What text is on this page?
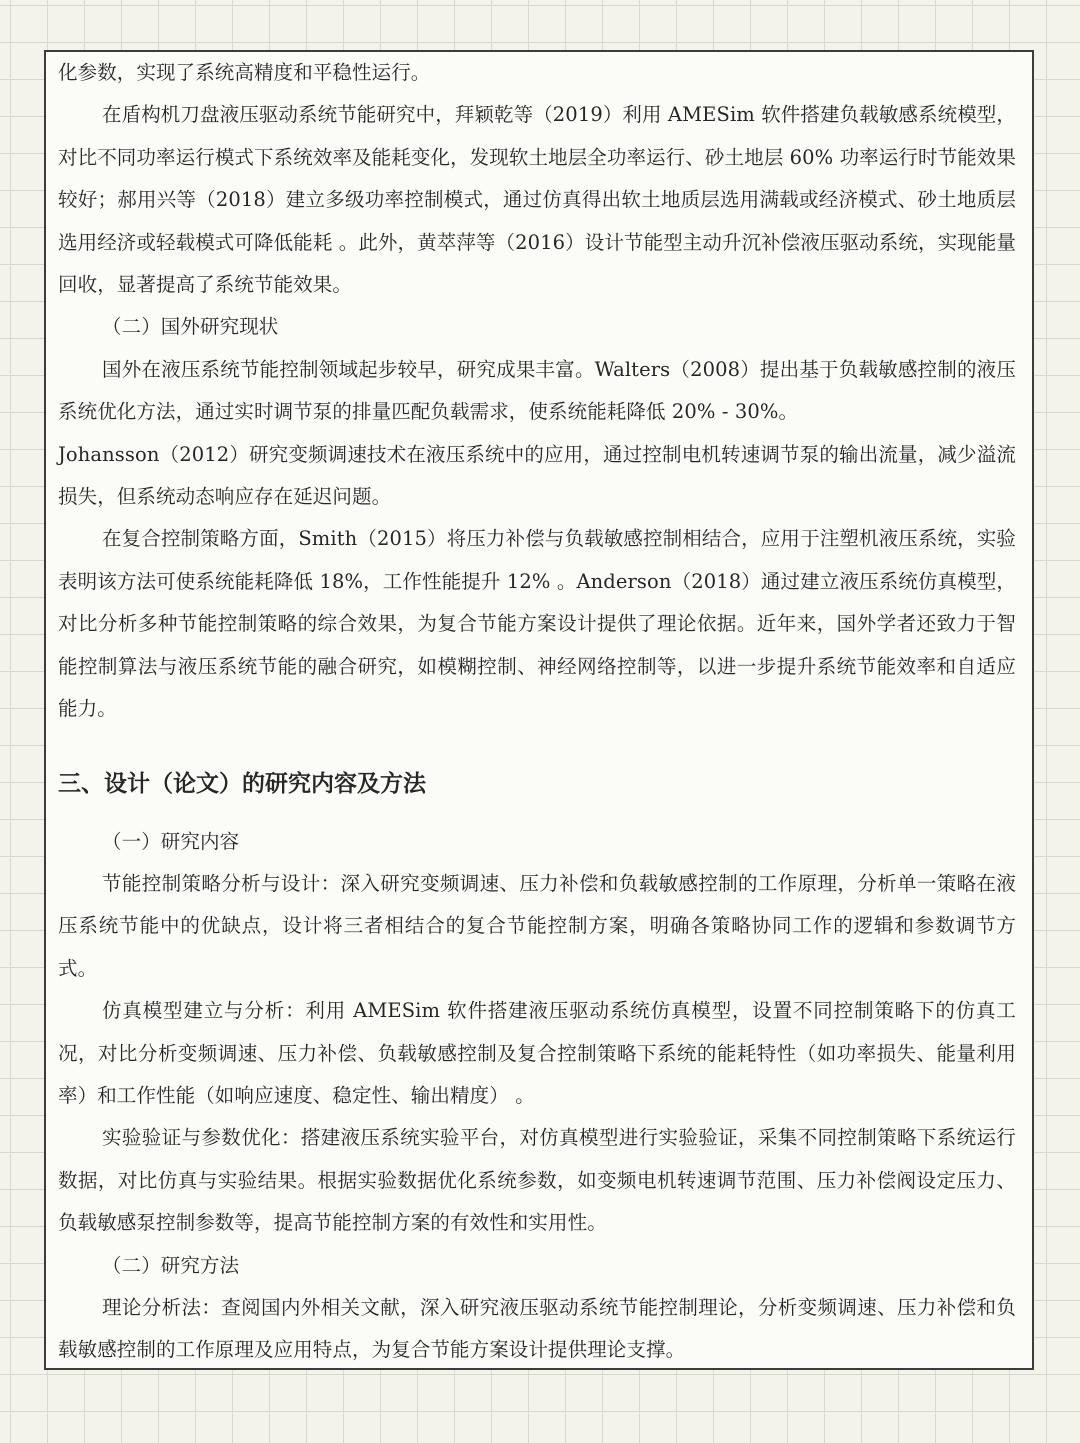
化参数，实现了系统高精度和平稳性运行。

在盾构机刀盘液压驱动系统节能研究中，拜颖乾等（2019）利用 AMESim 软件搭建负载敏感系统模型，对比不同功率运行模式下系统效率及能耗变化，发现软土地层全功率运行、砂土地层 60% 功率运行时节能效果较好；郝用兴等（2018）建立多级功率控制模式，通过仿真得出软土地质层选用满载或经济模式、砂土地质层选用经济或轻载模式可降低能耗 。此外，黄萃萍等（2016）设计节能型主动升沉补偿液压驱动系统，实现能量回收，显著提高了系统节能效果。

（二）国外研究现状

国外在液压系统节能控制领域起步较早，研究成果丰富。Walters（2008）提出基于负载敏感控制的液压系统优化方法，通过实时调节泵的排量匹配负载需求，使系统能耗降低 20% - 30%。

Johansson（2012）研究变频调速技术在液压系统中的应用，通过控制电机转速调节泵的输出流量，减少溢流损失，但系统动态响应存在延迟问题。

在复合控制策略方面，Smith（2015）将压力补偿与负载敏感控制相结合，应用于注塑机液压系统，实验表明该方法可使系统能耗降低 18%，工作性能提升 12% 。Anderson（2018）通过建立液压系统仿真模型，对比分析多种节能控制策略的综合效果，为复合节能方案设计提供了理论依据。近年来，国外学者还致力于智能控制算法与液压系统节能的融合研究，如模糊控制、神经网络控制等，以进一步提升系统节能效率和自适应能力。

三、设计（论文）的研究内容及方法

（一）研究内容

节能控制策略分析与设计：深入研究变频调速、压力补偿和负载敏感控制的工作原理，分析单一策略在液压系统节能中的优缺点，设计将三者相结合的复合节能控制方案，明确各策略协同工作的逻辑和参数调节方式。

仿真模型建立与分析：利用 AMESim 软件搭建液压驱动系统仿真模型，设置不同控制策略下的仿真工况，对比分析变频调速、压力补偿、负载敏感控制及复合控制策略下系统的能耗特性（如功率损失、能量利用率）和工作性能（如响应速度、稳定性、输出精度） 。

实验验证与参数优化：搭建液压系统实验平台，对仿真模型进行实验验证，采集不同控制策略下系统运行数据，对比仿真与实验结果。根据实验数据优化系统参数，如变频电机转速调节范围、压力补偿阀设定压力、负载敏感泵控制参数等，提高节能控制方案的有效性和实用性。

（二）研究方法

理论分析法：查阅国内外相关文献，深入研究液压驱动系统节能控制理论，分析变频调速、压力补偿和负载敏感控制的工作原理及应用特点，为复合节能方案设计提供理论支撑。
